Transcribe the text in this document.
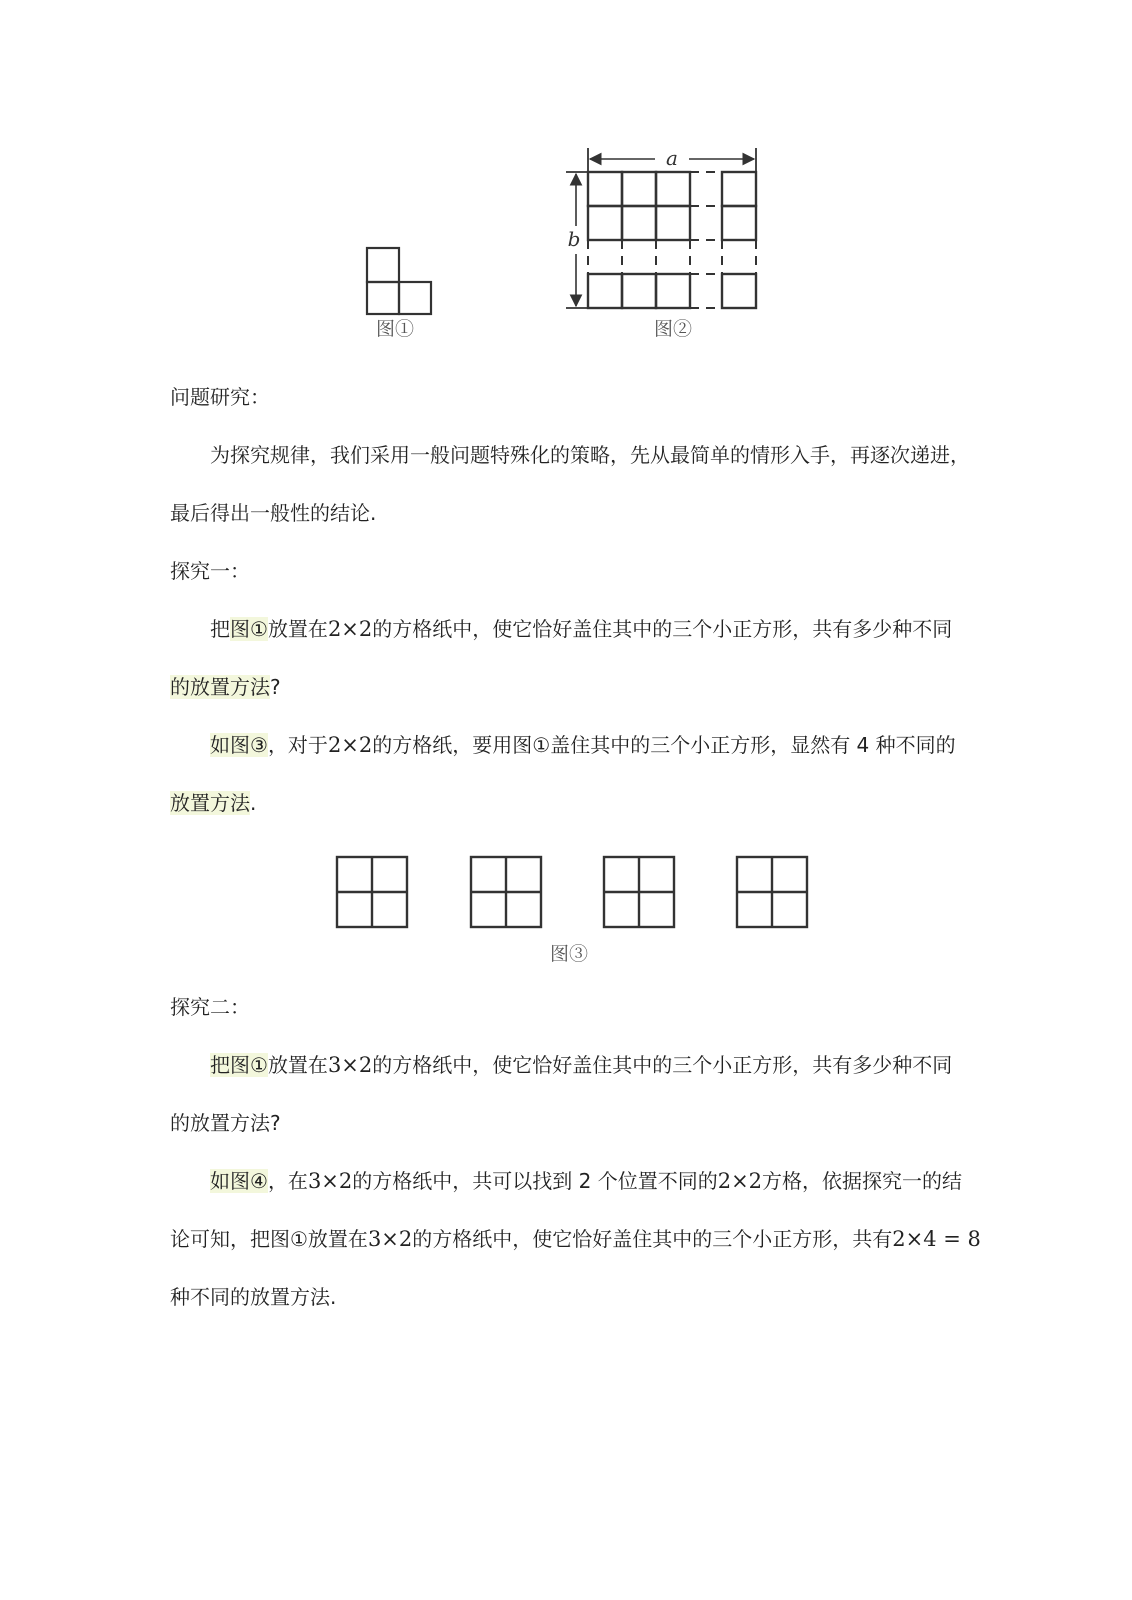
图①
a
b
图②
问题研究：
为探究规律，我们采用一般问题特殊化的策略，先从最简单的情形入手，再逐次递进，
最后得出一般性的结论.
探究一：
把图①放置在2×2的方格纸中，使它恰好盖住其中的三个小正方形，共有多少种不同
的放置方法?
如图③，对于2×2的方格纸，要用图①盖住其中的三个小正方形，显然有 4 种不同的
放置方法.
图③
探究二：
把图①放置在3×2的方格纸中，使它恰好盖住其中的三个小正方形，共有多少种不同
的放置方法?
如图④，在3×2的方格纸中，共可以找到 2 个位置不同的2×2方格，依据探究一的结
论可知，把图①放置在3×2的方格纸中，使它恰好盖住其中的三个小正方形，共有2×4 = 8
种不同的放置方法.
